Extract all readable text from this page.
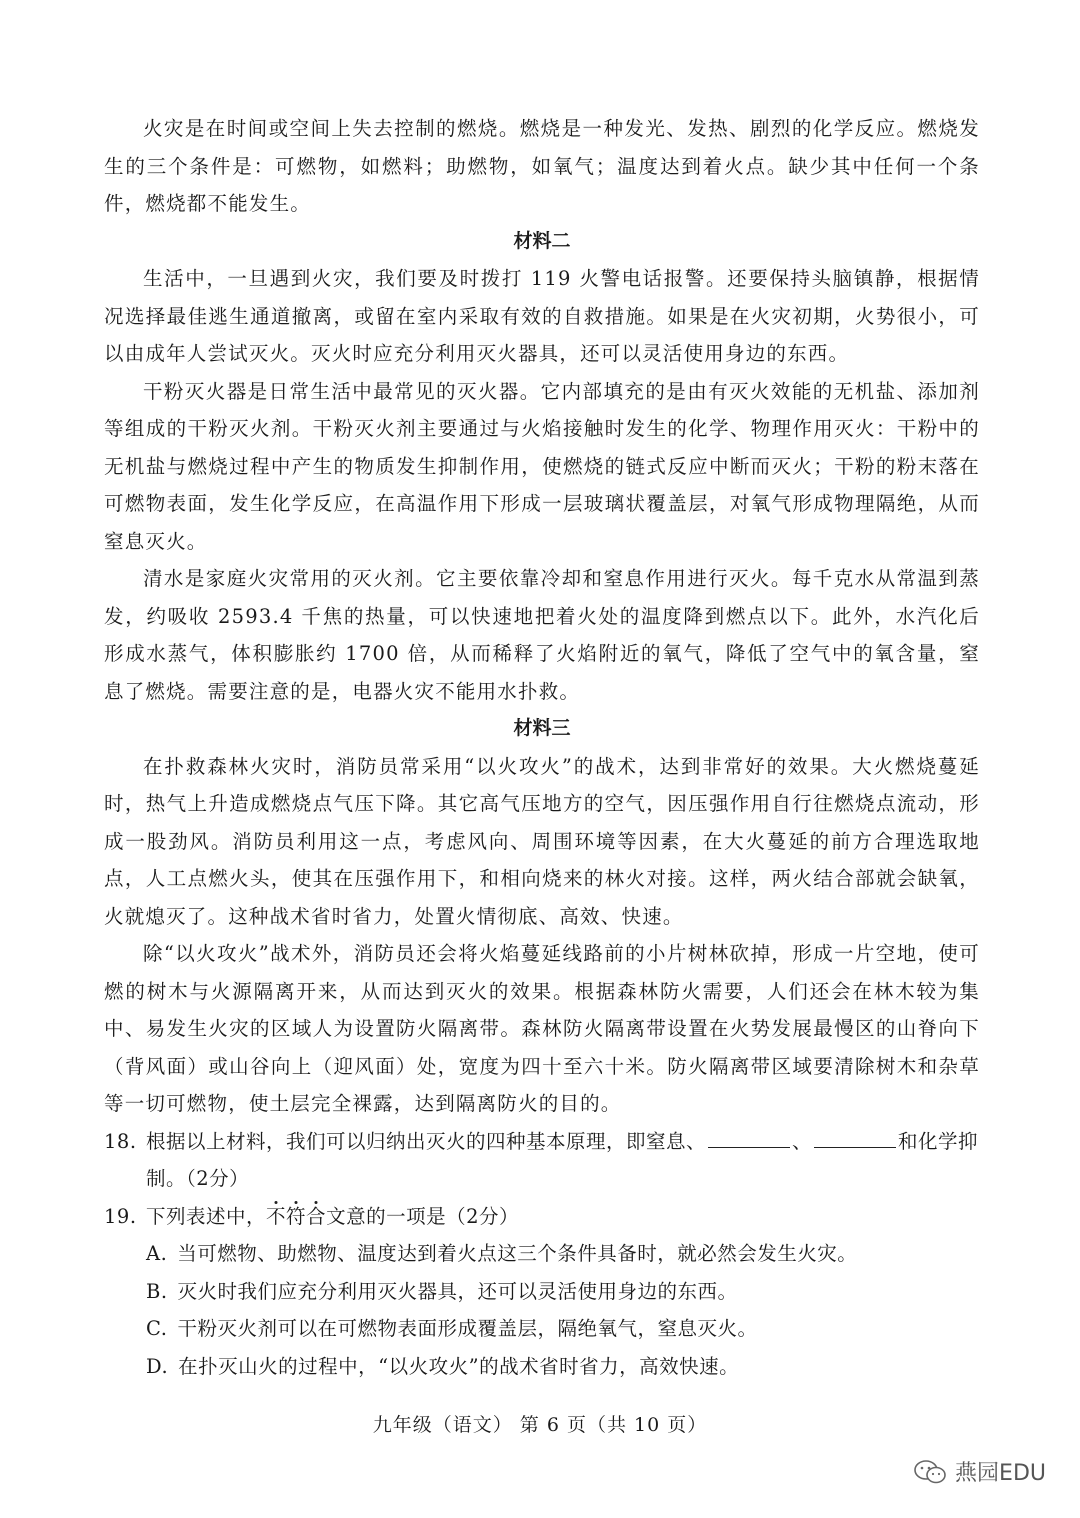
火灾是在时间或空间上失去控制的燃烧。燃烧是一种发光、发热、剧烈的化学反应。燃烧发生的三个条件是：可燃物，如燃料；助燃物，如氧气；温度达到着火点。缺少其中任何一个条件，燃烧都不能发生。

材料二

生活中，一旦遇到火灾，我们要及时拨打 119 火警电话报警。还要保持头脑镇静，根据情况选择最佳逃生通道撤离，或留在室内采取有效的自救措施。如果是在火灾初期，火势很小，可以由成年人尝试灭火。灭火时应充分利用灭火器具，还可以灵活使用身边的东西。

干粉灭火器是日常生活中最常见的灭火器。它内部填充的是由有灭火效能的无机盐、添加剂等组成的干粉灭火剂。干粉灭火剂主要通过与火焰接触时发生的化学、物理作用灭火：干粉中的无机盐与燃烧过程中产生的物质发生抑制作用，使燃烧的链式反应中断而灭火；干粉的粉末落在可燃物表面，发生化学反应，在高温作用下形成一层玻璃状覆盖层，对氧气形成物理隔绝，从而窒息灭火。

清水是家庭火灾常用的灭火剂。它主要依靠冷却和窒息作用进行灭火。每千克水从常温到蒸发，约吸收 2593.4 千焦的热量，可以快速地把着火处的温度降到燃点以下。此外，水汽化后形成水蒸气，体积膨胀约 1700 倍，从而稀释了火焰附近的氧气，降低了空气中的氧含量，窒息了燃烧。需要注意的是，电器火灾不能用水扑救。

材料三

在扑救森林火灾时，消防员常采用“以火攻火”的战术，达到非常好的效果。大火燃烧蔓延时，热气上升造成燃烧点气压下降。其它高气压地方的空气，因压强作用自行往燃烧点流动，形成一股劲风。消防员利用这一点，考虑风向、周围环境等因素，在大火蔓延的前方合理选取地点，人工点燃火头，使其在压强作用下，和相向烧来的林火对接。这样，两火结合部就会缺氧，火就熄灭了。这种战术省时省力，处置火情彻底、高效、快速。

除“以火攻火”战术外，消防员还会将火焰蔓延线路前的小片树林砍掉，形成一片空地，使可燃的树木与火源隔离开来，从而达到灭火的效果。根据森林防火需要，人们还会在林木较为集中、易发生火灾的区域人为设置防火隔离带。森林防火隔离带设置在火势发展最慢区的山脊向下（背风面）或山谷向上（迎风面）处，宽度为四十至六十米。防火隔离带区域要清除树木和杂草等一切可燃物，使土层完全裸露，达到隔离防火的目的。

18. 根据以上材料，我们可以归纳出灭火的四种基本原理，即窒息、	、	和化学抑制。（2分）

19. 下列表述中，不符合文意的一项是（2分）

A. 当可燃物、助燃物、温度达到着火点这三个条件具备时，就必然会发生火灾。

B. 灭火时我们应充分利用灭火器具，还可以灵活使用身边的东西。

C. 干粉灭火剂可以在可燃物表面形成覆盖层，隔绝氧气，窒息灭火。

D. 在扑灭山火的过程中，“以火攻火”的战术省时省力，高效快速。

九年级（语文） 第 6 页（共 10 页）
燕园EDU
